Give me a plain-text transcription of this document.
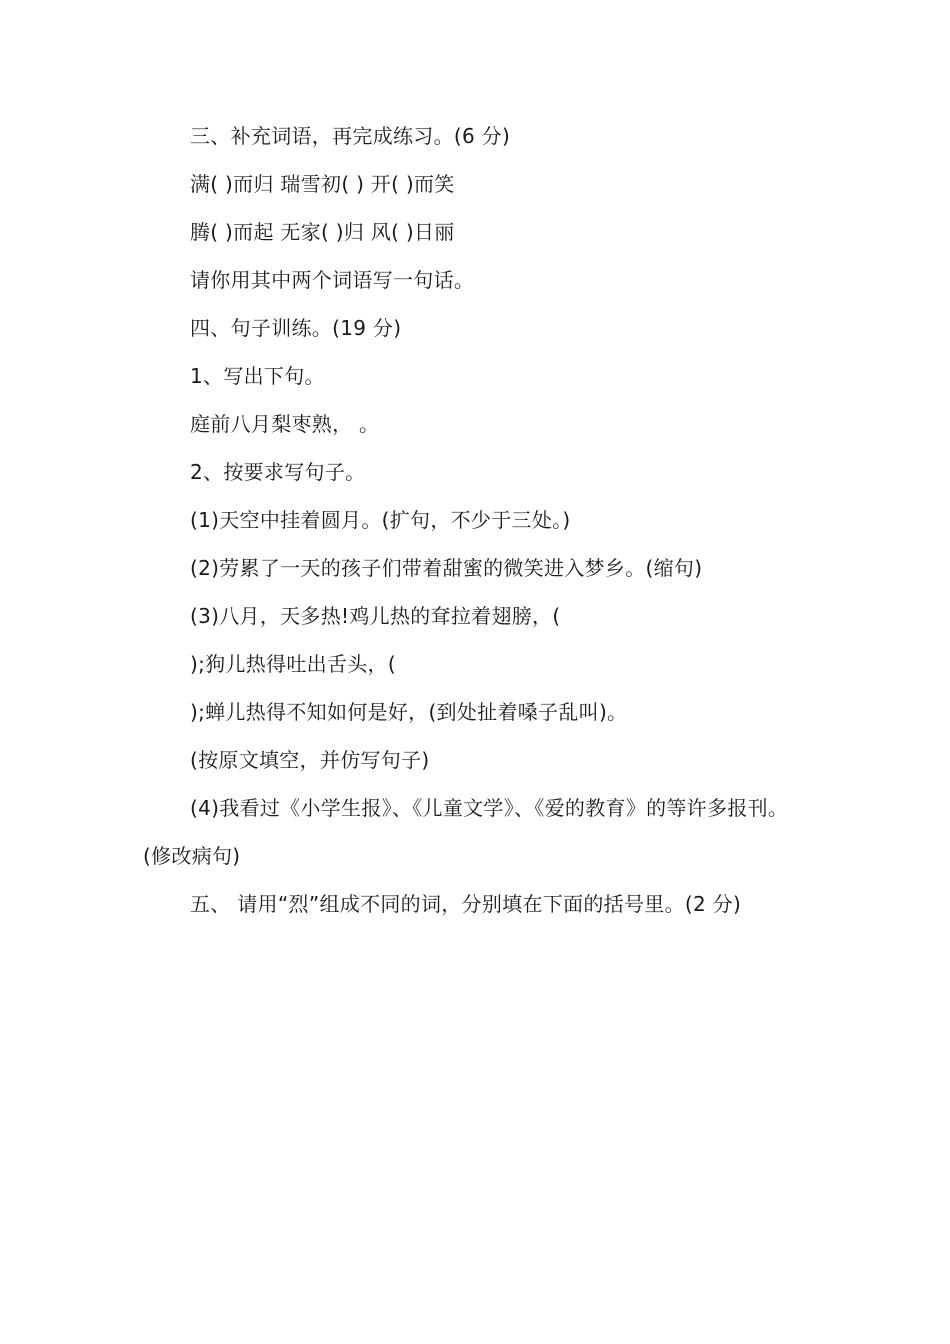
三、补充词语，再完成练习。(6 分)
满( )而归 瑞雪初( ) 开( )而笑
腾( )而起 无家( )归 风( )日丽
请你用其中两个词语写一句话。
四、句子训练。(19 分)
1、写出下句。
庭前八月梨枣熟， 。
2、按要求写句子。
(1)天空中挂着圆月。(扩句，不少于三处。)
(2)劳累了一天的孩子们带着甜蜜的微笑进入梦乡。(缩句)
(3)八月，天多热!鸡儿热的耷拉着翅膀，(
);狗儿热得吐出舌头，(
);蝉儿热得不知如何是好，(到处扯着嗓子乱叫)。
(按原文填空，并仿写句子)
(4)我看过《小学生报》、《儿童文学》、《爱的教育》的等许多报刊。
(修改病句)
五、 请用“烈”组成不同的词，分别填在下面的括号里。(2 分)
